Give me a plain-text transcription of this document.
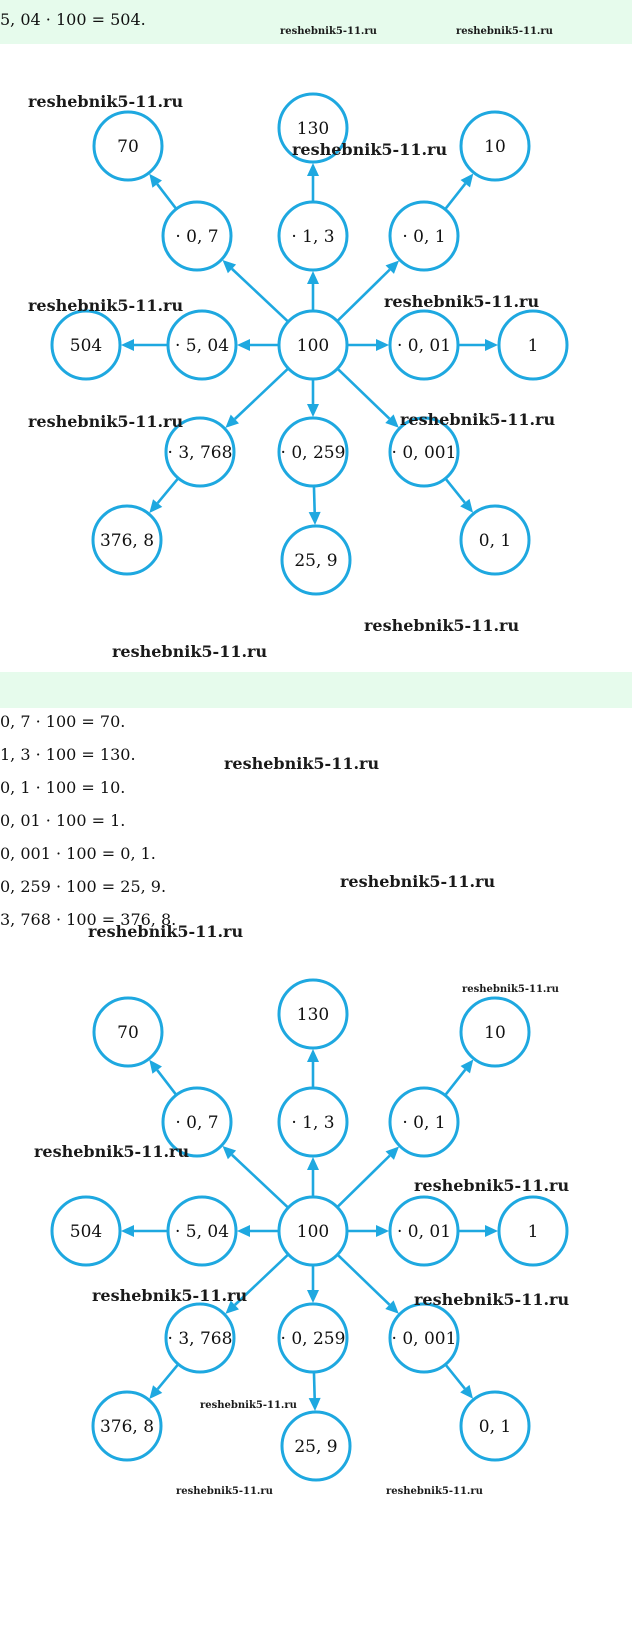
5, 04 · 100 = 504.
reshebnik5-11.ru	reshebnik5-11.ru
100
· 0, 7
70
· 1, 3
130
· 0, 1
10
· 5, 04
504	· 0, 01	1
· 3, 768
376, 8
· 0, 259
25, 9
· 0, 001
0, 1
reshebnik5-11.ru
reshebnik5-11.ru
reshebnik5-11.ru	reshebnik5-11.ru
reshebnik5-11.ru	reshebnik5-11.ru
reshebnik5-11.ru
reshebnik5-11.ru
0, 7 · 100 = 70.
1, 3 · 100 = 130.
0, 1 · 100 = 10.
0, 01 · 100 = 1.
0, 001 · 100 = 0, 1.
0, 259 · 100 = 25, 9.
3, 768 · 100 = 376, 8.
reshebnik5-11.ru
reshebnik5-11.ru
reshebnik5-11.ru
100
· 0, 7
70
· 1, 3
130
· 0, 1
10
· 5, 04
504	· 0, 01	1
· 3, 768
376, 8
· 0, 259
25, 9
· 0, 001
0, 1
reshebnik5-11.ru
reshebnik5-11.ru
reshebnik5-11.ru
reshebnik5-11.ru	reshebnik5-11.ru
reshebnik5-11.ru
reshebnik5-11.ru	reshebnik5-11.ru
